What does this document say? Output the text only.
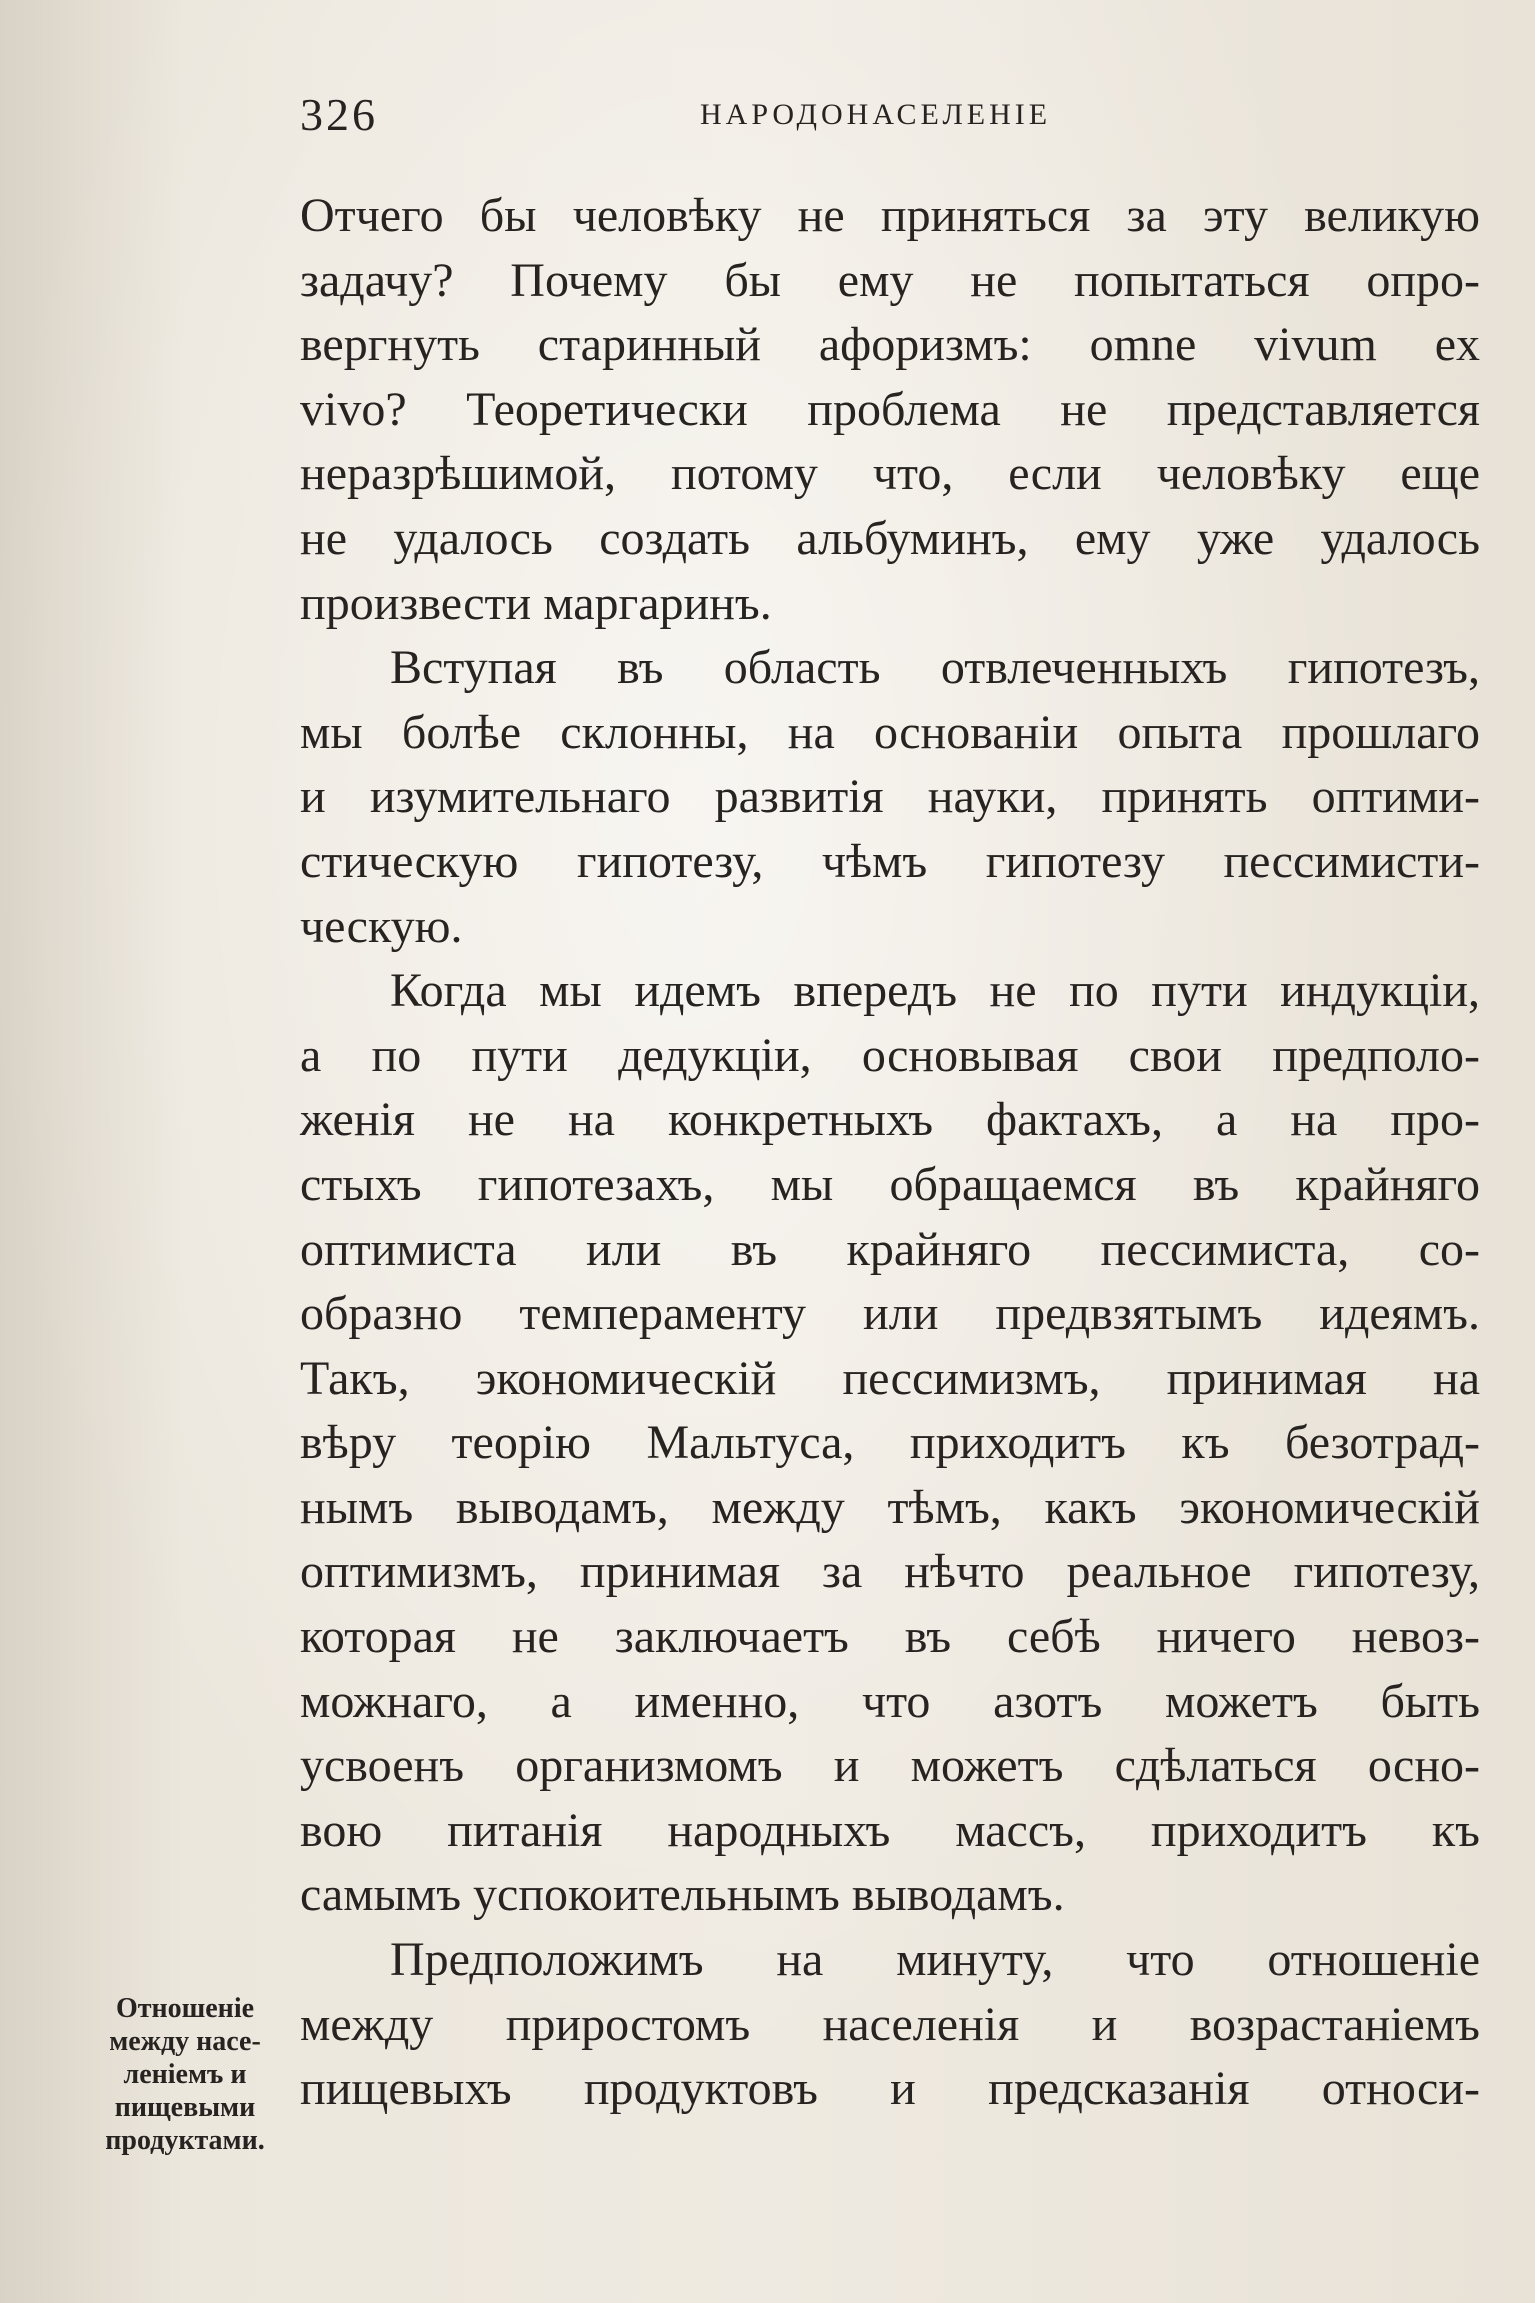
326	НАРОДОНАСЕЛЕНІЕ
Отчего бы человѣку не приняться за эту великую
задачу? Почему бы ему не попытаться опро-
вергнуть старинный афоризмъ: omne vivum ex
vivo? Теоретически проблема не представляется
неразрѣшимой, потому что, если человѣку еще
не удалось создать альбуминъ, ему уже удалось
произвести маргаринъ.
Вступая въ область отвлеченныхъ гипотезъ,
мы болѣе склонны, на основаніи опыта прошлаго
и изумительнаго развитія науки, принять оптими-
стическую гипотезу, чѣмъ гипотезу пессимисти-
ческую.
Когда мы идемъ впередъ не по пути индукціи,
а по пути дедукціи, основывая свои предполо-
женія не на конкретныхъ фактахъ, а на про-
стыхъ гипотезахъ, мы обращаемся въ крайняго
оптимиста или въ крайняго пессимиста, со-
образно темпераменту или предвзятымъ идеямъ.
Такъ, экономическій пессимизмъ, принимая на
вѣру теорію Мальтуса, приходитъ къ безотрад-
нымъ выводамъ, между тѣмъ, какъ экономическій
оптимизмъ, принимая за нѣчто реальное гипотезу,
которая не заключаетъ въ себѣ ничего невоз-
можнаго, а именно, что азотъ можетъ быть
усвоенъ организмомъ и можетъ сдѣлаться осно-
вою питанія народныхъ массъ, приходитъ къ
самымъ успокоительнымъ выводамъ.
Предположимъ на минуту, что отношеніе
между приростомъ населенія и возрастаніемъ
пищевыхъ продуктовъ и предсказанія относи-
Отношеніе
между насе-
леніемъ и
пищевыми
продуктами.
